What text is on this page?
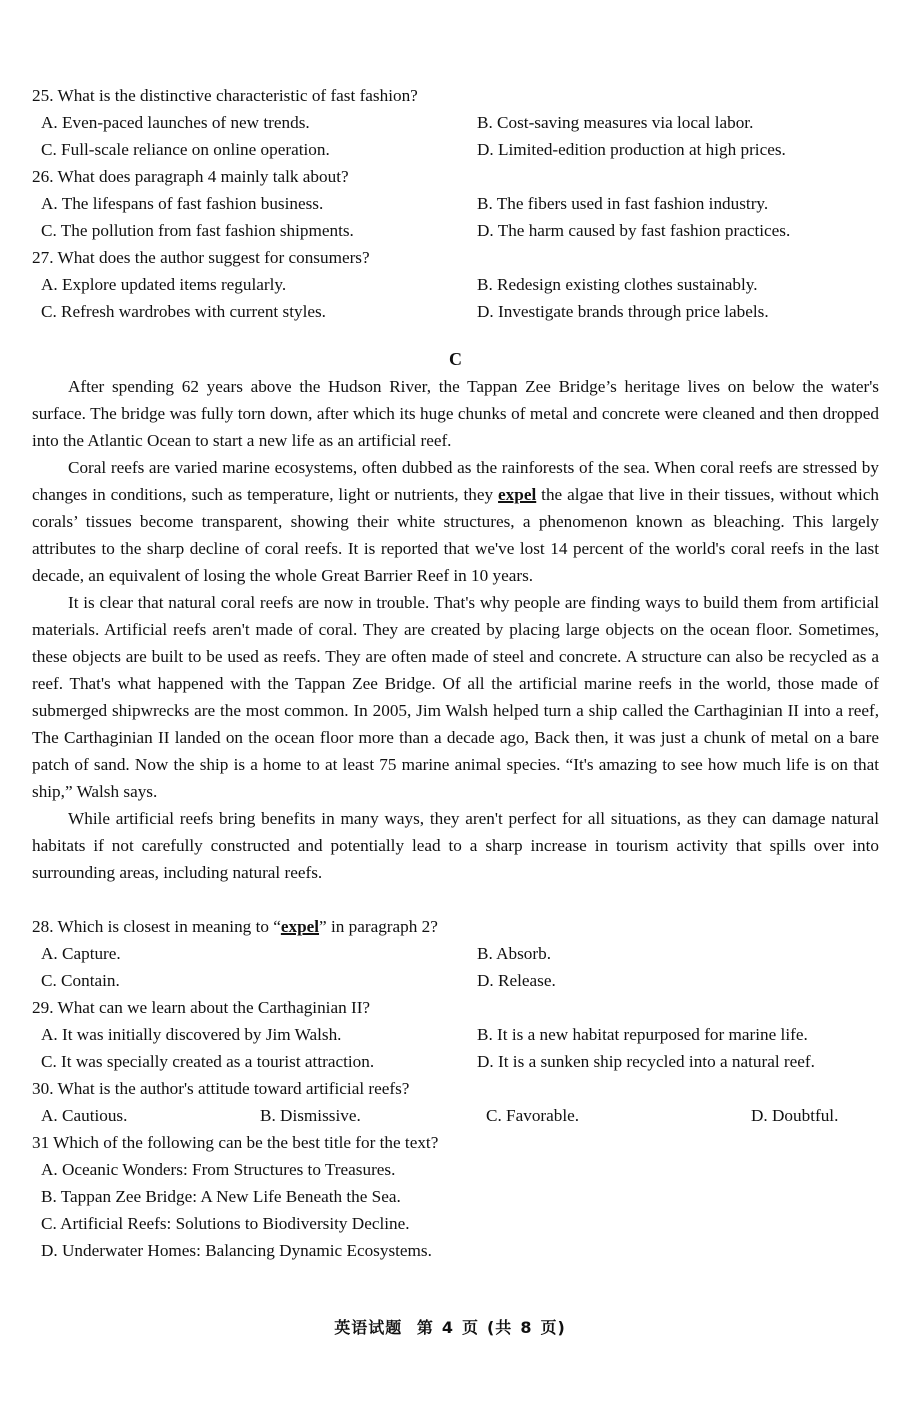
25. What is the distinctive characteristic of fast fashion?
A. Even-paced launches of new trends.	B. Cost-saving measures via local labor.
C. Full-scale reliance on online operation.	D. Limited-edition production at high prices.
26. What does paragraph 4 mainly talk about?
A. The lifespans of fast fashion business.	B. The fibers used in fast fashion industry.
C. The pollution from fast fashion shipments.	D. The harm caused by fast fashion practices.
27. What does the author suggest for consumers?
A. Explore updated items regularly.	B. Redesign existing clothes sustainably.
C. Refresh wardrobes with current styles.	D. Investigate brands through price labels.
C

After spending 62 years above the Hudson River, the Tappan Zee Bridge’s heritage lives on below the water's surface. The bridge was fully torn down, after which its huge chunks of metal and concrete were cleaned and then dropped into the Atlantic Ocean to start a new life as an artificial reef.

Coral reefs are varied marine ecosystems, often dubbed as the rainforests of the sea. When coral reefs are stressed by changes in conditions, such as temperature, light or nutrients, they expel the algae that live in their tissues, without which corals’ tissues become transparent, showing their white structures, a phenomenon known as bleaching. This largely attributes to the sharp decline of coral reefs. It is reported that we've lost 14 percent of the world's coral reefs in the last decade, an equivalent of losing the whole Great Barrier Reef in 10 years.

It is clear that natural coral reefs are now in trouble. That's why people are finding ways to build them from artificial materials. Artificial reefs aren't made of coral. They are created by placing large objects on the ocean floor. Sometimes, these objects are built to be used as reefs. They are often made of steel and concrete. A structure can also be recycled as a reef. That's what happened with the Tappan Zee Bridge. Of all the artificial marine reefs in the world, those made of submerged shipwrecks are the most common. In 2005, Jim Walsh helped turn a ship called the Carthaginian II into a reef, The Carthaginian II landed on the ocean floor more than a decade ago, Back then, it was just a chunk of metal on a bare patch of sand. Now the ship is a home to at least 75 marine animal species. “It's amazing to see how much life is on that ship,” Walsh says.

While artificial reefs bring benefits in many ways, they aren't perfect for all situations, as they can damage natural habitats if not carefully constructed and potentially lead to a sharp increase in tourism activity that spills over into surrounding areas, including natural reefs.

28. Which is closest in meaning to “expel” in paragraph 2?
A. Capture.	B. Absorb.
C. Contain.	D. Release.
29. What can we learn about the Carthaginian II?
A. It was initially discovered by Jim Walsh.	B. It is a new habitat repurposed for marine life.
C. It was specially created as a tourist attraction.	D. It is a sunken ship recycled into a natural reef.
30. What is the author's attitude toward artificial reefs?
A. Cautious.	B. Dismissive.	C. Favorable.	D. Doubtful.
31 Which of the following can be the best title for the text?
A. Oceanic Wonders: From Structures to Treasures.
B. Tappan Zee Bridge: A New Life Beneath the Sea.
C. Artificial Reefs: Solutions to Biodiversity Decline.
D. Underwater Homes: Balancing Dynamic Ecosystems.
英语试题 第 4 页 (共 8 页)
